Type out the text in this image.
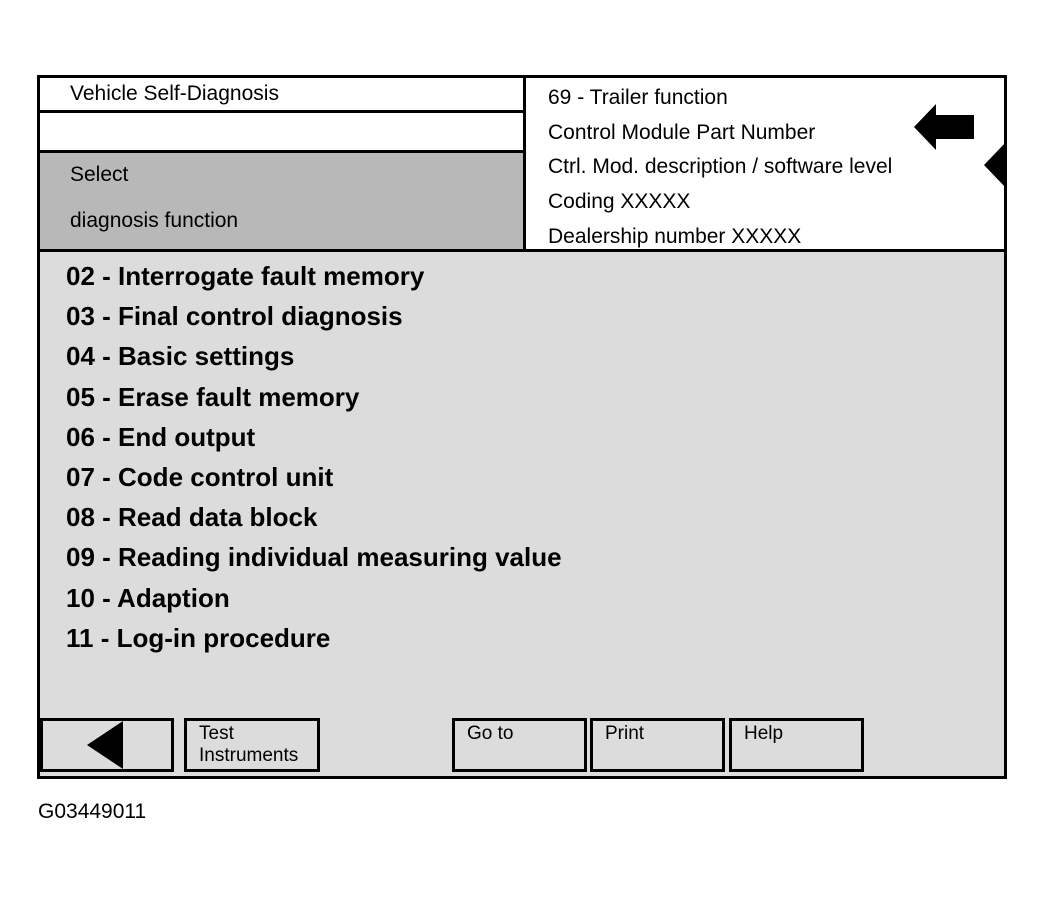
Vehicle Self-Diagnosis
Select
diagnosis function
69 - Trailer function
Control Module Part Number
Ctrl. Mod. description / software level
Coding XXXXX
Dealership number XXXXX
02 - Interrogate fault memory
03 - Final control diagnosis
04 - Basic settings
05 - Erase fault memory
06 - End output
07 - Code control unit
08 - Read data block
09 - Reading individual measuring value
10 - Adaption
11 - Log-in procedure
Test
Instruments
Go to	Print	Help
G03449011
